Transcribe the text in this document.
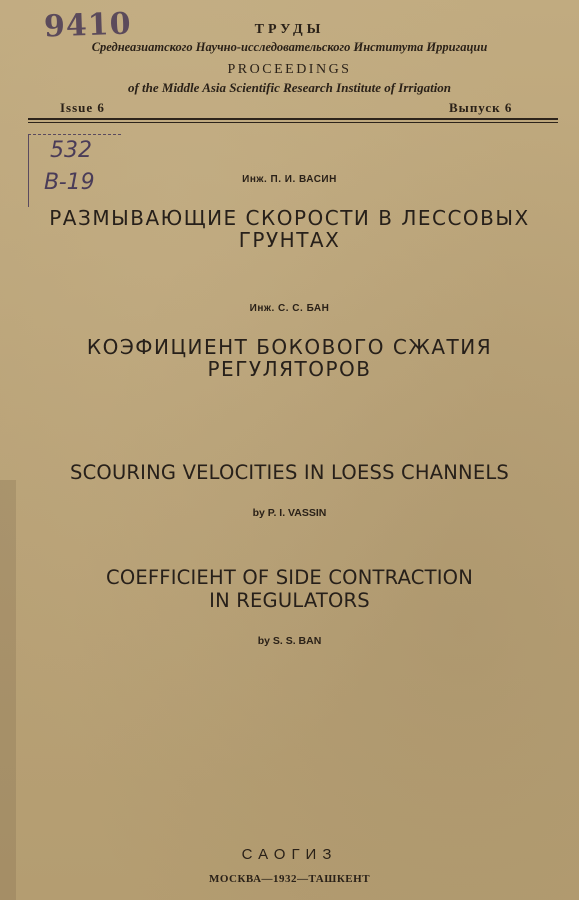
9410	ТРУДЫ
Среднеазиатского Научно-исследовательского Института Ирригации
PROCEEDINGS
of the Middle Asia Scientific Research Institute of Irrigation
Issue 6	Выпуск 6
532
B-19	Инж. П. И. ВАСИН
РАЗМЫВАЮЩИЕ СКОРОСТИ В ЛЕССОВЫХ
ГРУНТАХ
Инж. С. С. БАН
КОЭФИЦИЕНТ БОКОВОГО СЖАТИЯ
РЕГУЛЯТОРОВ
SCOURING VELOCITIES IN LOESS CHANNELS
by P. I. VASSIN
COEFFICIEHT OF SIDE CONTRACTION
IN REGULATORS
by S. S. BAN
САОГИЗ
МОСКВА—1932—ТАШКЕНТ
